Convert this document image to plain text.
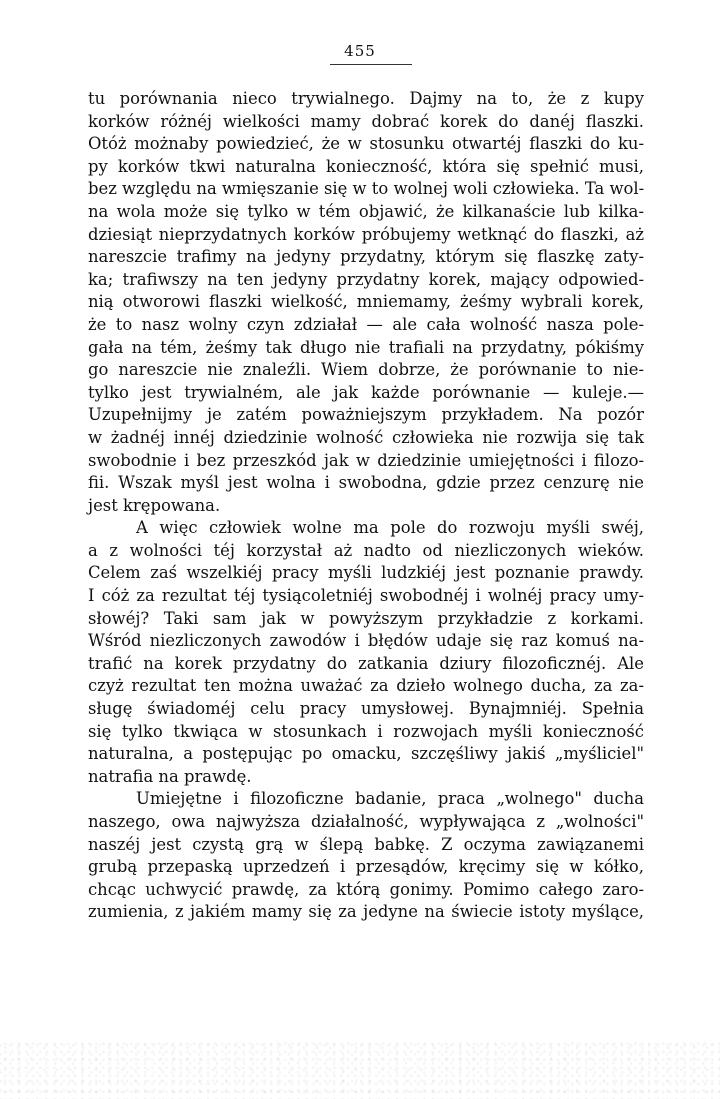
455
tu porównania nieco trywialnego. Dajmy na to, że z kupy
korków różnéj wielkości mamy dobrać korek do danéj flaszki.
Otóż możnaby powiedzieć, że w stosunku otwartéj flaszki do ku-
py korków tkwi naturalna konieczność, która się spełnić musi,
bez względu na wmięszanie się w to wolnej woli człowieka. Ta wol-
na wola może się tylko w tém objawić, że kilkanaście lub kilka-
dziesiąt nieprzydatnych korków próbujemy wetknąć do flaszki, aż
nareszcie trafimy na jedyny przydatny, którym się flaszkę zaty-
ka; trafiwszy na ten jedyny przydatny korek, mający odpowied-
nią otworowi flaszki wielkość, mniemamy, żeśmy wybrali korek,
że to nasz wolny czyn zdziałał — ale cała wolność nasza pole-
gała na tém, żeśmy tak długo nie trafiali na przydatny, pókiśmy
go nareszcie nie znaleźli. Wiem dobrze, że porównanie to nie-
tylko jest trywialném, ale jak każde porównanie — kuleje.—
Uzupełnijmy je zatém poważniejszym przykładem. Na pozór
w żadnéj innéj dziedzinie wolność człowieka nie rozwija się tak
swobodnie i bez przeszkód jak w dziedzinie umiejętności i filozo-
fii. Wszak myśl jest wolna i swobodna, gdzie przez cenzurę nie
jest krępowana.
A więc człowiek wolne ma pole do rozwoju myśli swéj,
a z wolności téj korzystał aż nadto od niezliczonych wieków.
Celem zaś wszelkiéj pracy myśli ludzkiéj jest poznanie prawdy.
I cóż za rezultat téj tysiącoletniéj swobodnéj i wolnéj pracy umy-
słowéj? Taki sam jak w powyższym przykładzie z korkami.
Wśród niezliczonych zawodów i błędów udaje się raz komuś na-
trafić na korek przydatny do zatkania dziury filozoficznéj. Ale
czyż rezultat ten można uważać za dzieło wolnego ducha, za za-
sługę świadoméj celu pracy umysłowej. Bynajmniéj. Spełnia
się tylko tkwiąca w stosunkach i rozwojach myśli konieczność
naturalna, a postępując po omacku, szczęśliwy jakiś „myśliciel"
natrafia na prawdę.
Umiejętne i filozoficzne badanie, praca „wolnego" ducha
naszego, owa najwyższa działalność, wypływająca z „wolności"
naszéj jest czystą grą w ślepą babkę. Z oczyma zawiązanemi
grubą przepaską uprzedzeń i przesądów, kręcimy się w kółko,
chcąc uchwycić prawdę, za którą gonimy. Pomimo całego zaro-
zumienia, z jakiém mamy się za jedyne na świecie istoty myślące,
